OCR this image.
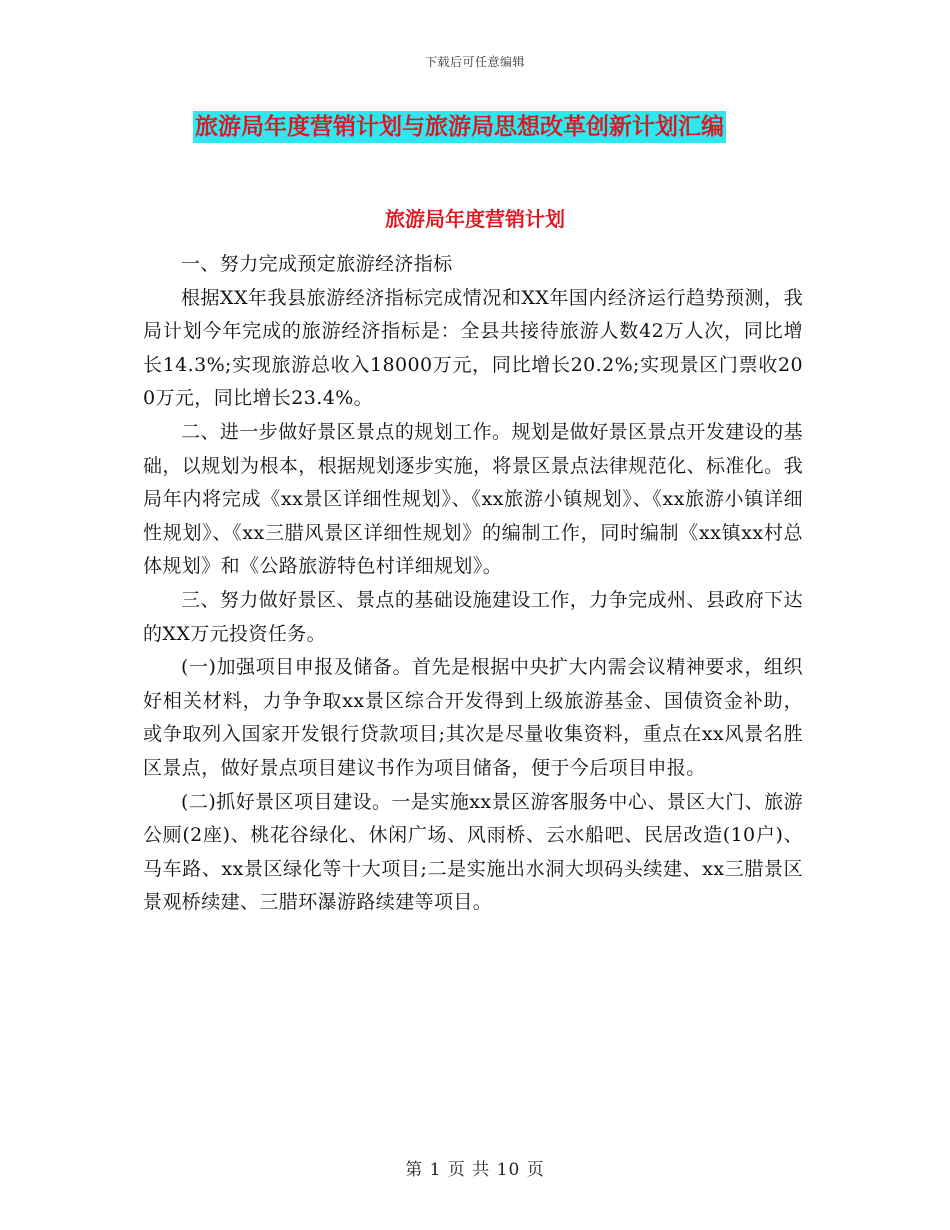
下载后可任意编辑
旅游局年度营销计划与旅游局思想改革创新计划汇编
旅游局年度营销计划

一、努力完成预定旅游经济指标

根据XX年我县旅游经济指标完成情况和XX年国内经济运行趋势预测，我局计划今年完成的旅游经济指标是：全县共接待旅游人数42万人次，同比增长14.3%;实现旅游总收入18000万元，同比增长20.2%;实现景区门票收200万元，同比增长23.4%。

二、进一步做好景区景点的规划工作。规划是做好景区景点开发建设的基础，以规划为根本，根据规划逐步实施，将景区景点法律规范化、标准化。我局年内将完成《xx景区详细性规划》、《xx旅游小镇规划》、《xx旅游小镇详细性规划》、《xx三腊风景区详细性规划》的编制工作，同时编制《xx镇xx村总体规划》和《公路旅游特色村详细规划》。

三、努力做好景区、景点的基础设施建设工作，力争完成州、县政府下达的XX万元投资任务。

(一)加强项目申报及储备。首先是根据中央扩大内需会议精神要求，组织好相关材料，力争争取xx景区综合开发得到上级旅游基金、国债资金补助，或争取列入国家开发银行贷款项目;其次是尽量收集资料，重点在xx风景名胜区景点，做好景点项目建议书作为项目储备，便于今后项目申报。

(二)抓好景区项目建设。一是实施xx景区游客服务中心、景区大门、旅游公厕(2座)、桃花谷绿化、休闲广场、风雨桥、云水船吧、民居改造(10户)、马车路、xx景区绿化等十大项目;二是实施出水洞大坝码头续建、xx三腊景区景观桥续建、三腊环瀑游路续建等项目。

第 1 页 共 10 页
